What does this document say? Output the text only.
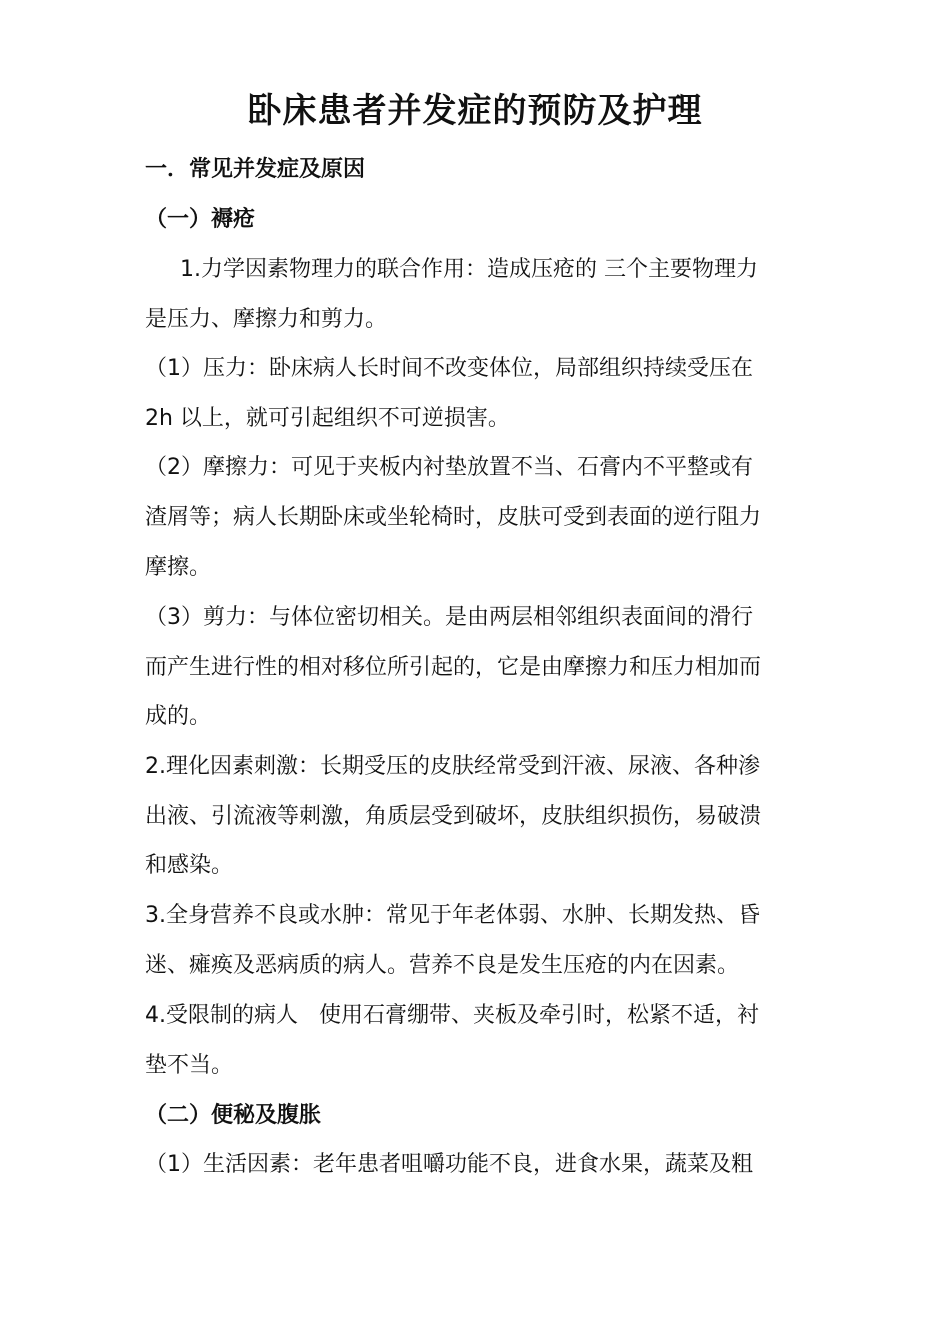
卧床患者并发症的预防及护理
一．常见并发症及原因
（一）褥疮
1.力学因素物理力的联合作用：造成压疮的 三个主要物理力
是压力、摩擦力和剪力。
（1）压力：卧床病人长时间不改变体位，局部组织持续受压在
2h 以上，就可引起组织不可逆损害。
（2）摩擦力：可见于夹板内衬垫放置不当、石膏内不平整或有
渣屑等；病人长期卧床或坐轮椅时，皮肤可受到表面的逆行阻力
摩擦。
（3）剪力：与体位密切相关。是由两层相邻组织表面间的滑行
而产生进行性的相对移位所引起的，它是由摩擦力和压力相加而
成的。
2.理化因素刺激：长期受压的皮肤经常受到汗液、尿液、各种渗
出液、引流液等刺激，角质层受到破坏，皮肤组织损伤，易破溃
和感染。
3.全身营养不良或水肿：常见于年老体弱、水肿、长期发热、昏
迷、瘫痪及恶病质的病人。营养不良是发生压疮的内在因素。
4.受限制的病人   使用石膏绷带、夹板及牵引时，松紧不适，衬
垫不当。
（二）便秘及腹胀
（1）生活因素：老年患者咀嚼功能不良，进食水果，蔬菜及粗
